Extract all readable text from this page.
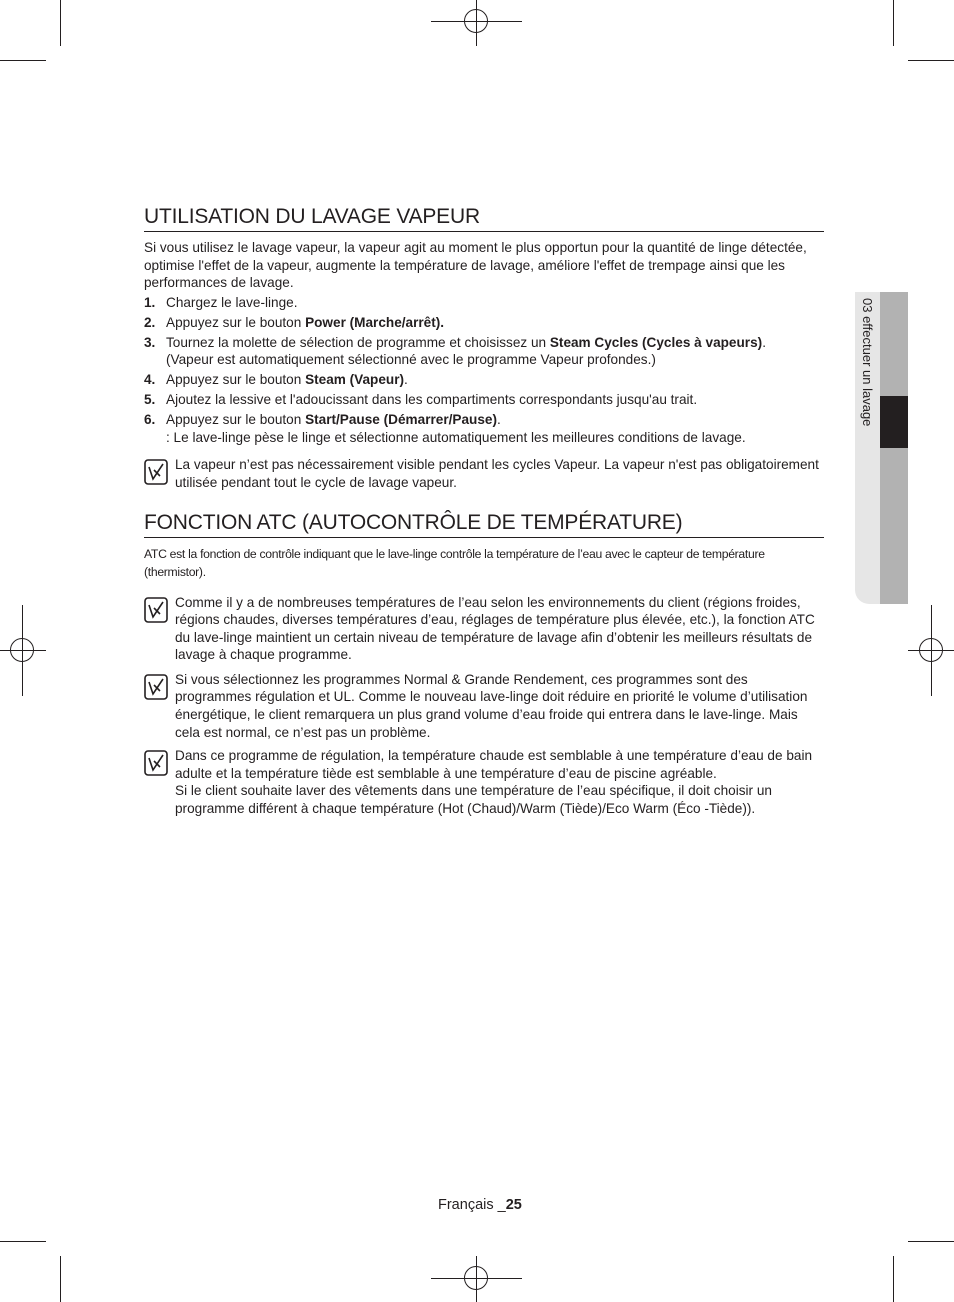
03 effectuer un lavage
UTILISATION DU LAVAGE VAPEUR

Si vous utilisez le lavage vapeur, la vapeur agit au moment le plus opportun pour la quantité de linge détectée, optimise l'effet de la vapeur, augmente la température de lavage, améliore l'effet de trempage ainsi que les performances de lavage.

1. Chargez le lave-linge.
2. Appuyez sur le bouton Power (Marche/arrêt).
3. Tournez la molette de sélection de programme et choisissez un Steam Cycles (Cycles à vapeurs).
(Vapeur est automatiquement sélectionné avec le programme Vapeur profondes.)
4. Appuyez sur le bouton Steam (Vapeur).
5. Ajoutez la lessive et l'adoucissant dans les compartiments correspondants jusqu'au trait.
6. Appuyez sur le bouton Start/Pause (Démarrer/Pause).
: Le lave-linge pèse le linge et sélectionne automatiquement les meilleures conditions de lavage.

La vapeur n’est pas nécessairement visible pendant les cycles Vapeur. La vapeur n'est pas obligatoirement utilisée pendant tout le cycle de lavage vapeur.

FONCTION ATC (AUTOCONTRÔLE DE TEMPÉRATURE)

ATC est la fonction de contrôle indiquant que le lave-linge contrôle la température de l’eau avec le capteur de température (thermistor).

Comme il y a de nombreuses températures de l’eau selon les environnements du client (régions froides, régions chaudes, diverses températures d’eau, réglages de température plus élevée, etc.), la fonction ATC du lave-linge maintient un certain niveau de température de lavage afin d’obtenir les meilleurs résultats de lavage à chaque programme.

Si vous sélectionnez les programmes Normal & Grande Rendement, ces programmes sont des programmes régulation et UL. Comme le nouveau lave-linge doit réduire en priorité le volume d’utilisation énergétique, le client remarquera un plus grand volume d’eau froide qui entrera dans le lave-linge. Mais cela est normal, ce n’est pas un problème.

Dans ce programme de régulation, la température chaude est semblable à une température d’eau de bain adulte et la température tiède est semblable à une température d’eau de piscine agréable.
Si le client souhaite laver des vêtements dans une température de l’eau spécifique, il doit choisir un programme différent à chaque température (Hot (Chaud)/Warm (Tiède)/Eco Warm (Éco -Tiède)).

Français _25
